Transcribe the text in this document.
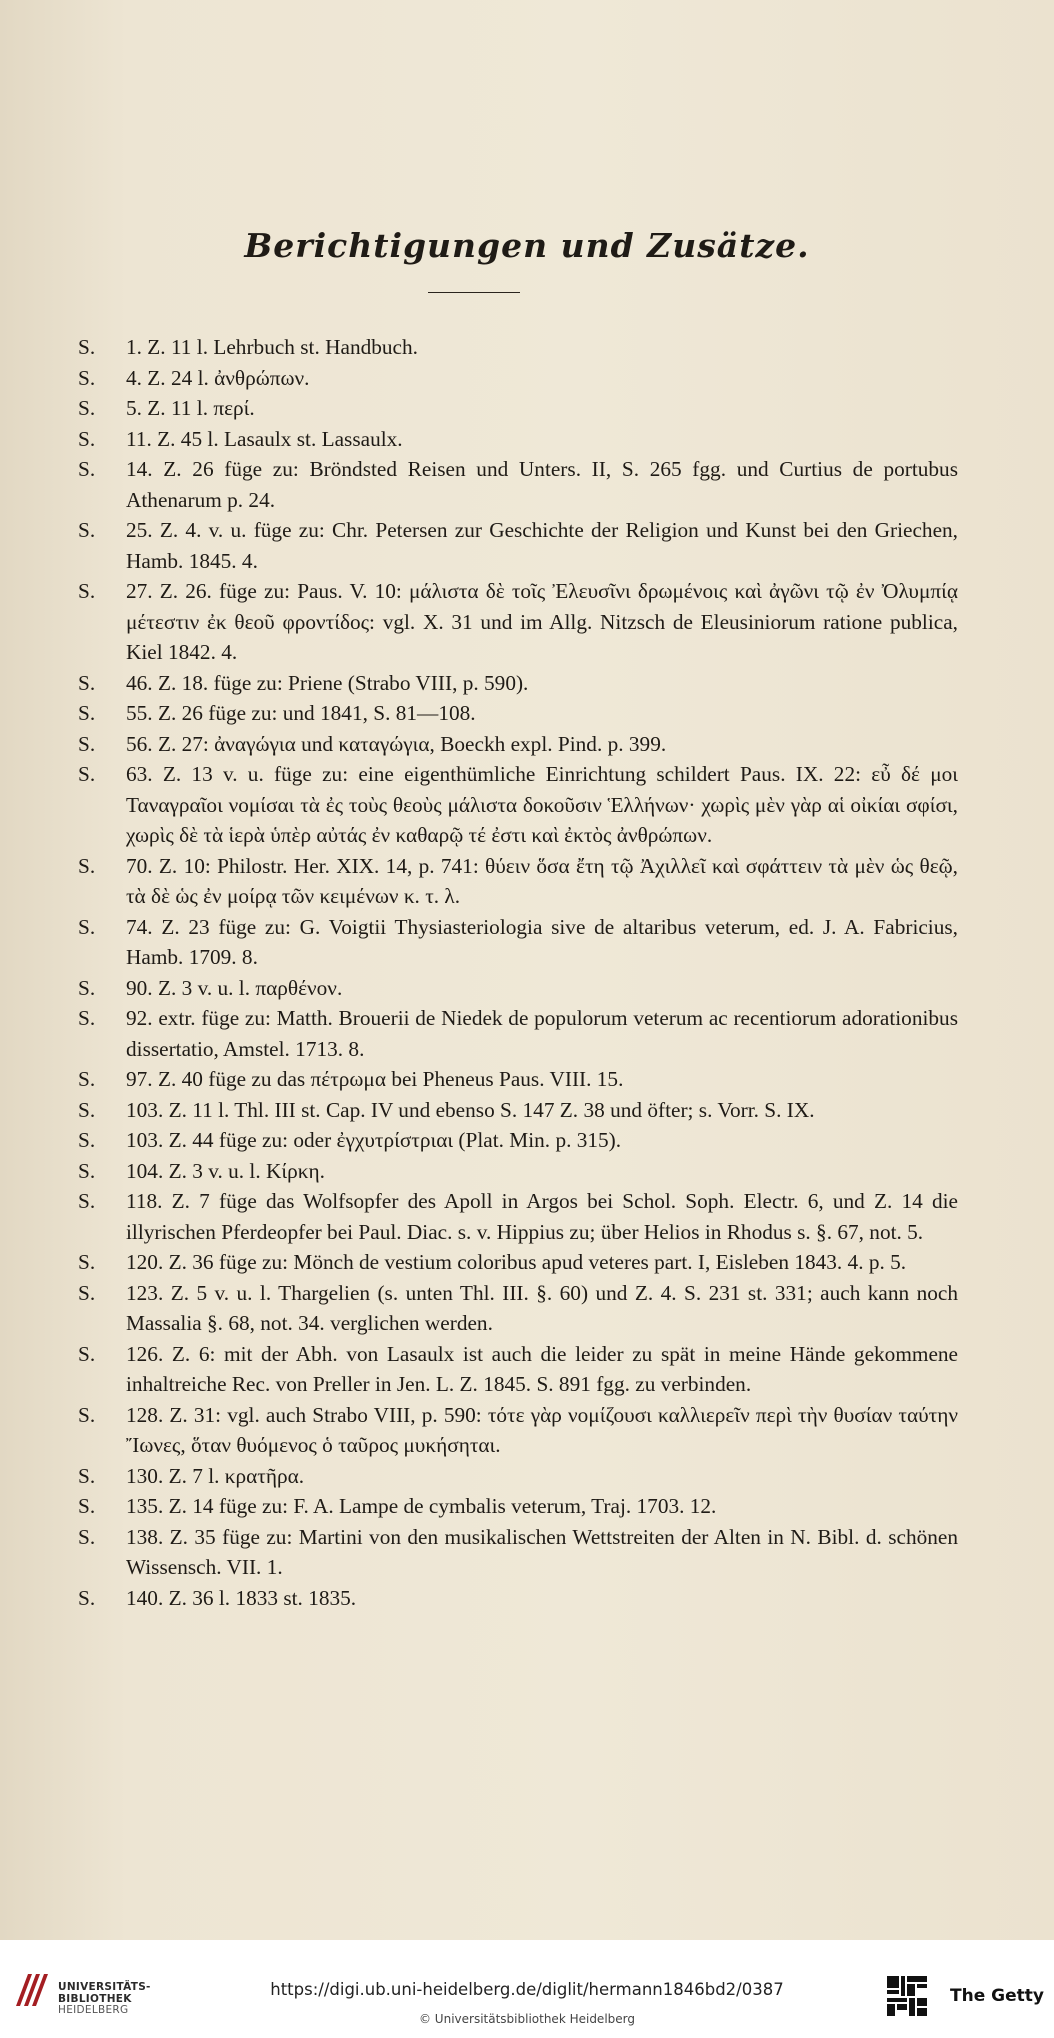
Berichtigungen und Zusätze.
S. 1. Z. 11 l. Lehrbuch st. Handbuch.
S. 4. Z. 24 l. ἀνθρώπων.
S. 5. Z. 11 l. περί.
S. 11. Z. 45 l. Lasaulx st. Lassaulx.
S. 14. Z. 26 füge zu: Bröndsted Reisen und Unters. II, S. 265 fgg. und Curtius de portubus Athenarum p. 24.
S. 25. Z. 4. v. u. füge zu: Chr. Petersen zur Geschichte der Religion und Kunst bei den Griechen, Hamb. 1845. 4.
S. 27. Z. 26. füge zu: Paus. V. 10: μάλιστα δὲ τοῖς Ἐλευσῖνι δρωμένοις καὶ ἀγῶνι τῷ ἐν Ὀλυμπίᾳ μέτεστιν ἐκ θεοῦ φροντίδος: vgl. X. 31 und im Allg. Nitzsch de Eleusiniorum ratione publica, Kiel 1842. 4.
S. 46. Z. 18. füge zu: Priene (Strabo VIII, p. 590).
S. 55. Z. 26 füge zu: und 1841, S. 81—108.
S. 56. Z. 27: ἀναγώγια und καταγώγια, Boeckh expl. Pind. p. 399.
S. 63. Z. 13 v. u. füge zu: eine eigenthümliche Einrichtung schildert Paus. IX. 22: εὖ δέ μοι Ταναγραῖοι νομίσαι τὰ ἐς τοὺς θεοὺς μάλιστα δοκοῦσιν Ἑλλήνων· χωρὶς μὲν γὰρ αἱ οἰκίαι σφίσι, χωρὶς δὲ τὰ ἱερὰ ὑπὲρ αὐτάς ἐν καθαρῷ τέ ἐστι καὶ ἐκτὸς ἀνθρώπων.
S. 70. Z. 10: Philostr. Her. XIX. 14, p. 741: θύειν ὅσα ἔτη τῷ Ἀχιλλεῖ καὶ σφάττειν τὰ μὲν ὡς θεῷ, τὰ δὲ ὡς ἐν μοίρᾳ τῶν κειμένων κ. τ. λ.
S. 74. Z. 23 füge zu: G. Voigtii Thysiasteriologia sive de altaribus veterum, ed. J. A. Fabricius, Hamb. 1709. 8.
S. 90. Z. 3 v. u. l. παρθένον.
S. 92. extr. füge zu: Matth. Brouerii de Niedek de populorum veterum ac recentiorum adorationibus dissertatio, Amstel. 1713. 8.
S. 97. Z. 40 füge zu das πέτρωμα bei Pheneus Paus. VIII. 15.
S. 103. Z. 11 l. Thl. III st. Cap. IV und ebenso S. 147 Z. 38 und öfter; s. Vorr. S. IX.
S. 103. Z. 44 füge zu: oder ἐγχυτρίστριαι (Plat. Min. p. 315).
S. 104. Z. 3 v. u. l. Κίρκη.
S. 118. Z. 7 füge das Wolfsopfer des Apoll in Argos bei Schol. Soph. Electr. 6, und Z. 14 die illyrischen Pferdeopfer bei Paul. Diac. s. v. Hippius zu; über Helios in Rhodus s. §. 67, not. 5.
S. 120. Z. 36 füge zu: Mönch de vestium coloribus apud veteres part. I, Eisleben 1843. 4. p. 5.
S. 123. Z. 5 v. u. l. Thargelien (s. unten Thl. III. §. 60) und Z. 4. S. 231 st. 331; auch kann noch Massalia §. 68, not. 34. verglichen werden.
S. 126. Z. 6: mit der Abh. von Lasaulx ist auch die leider zu spät in meine Hände gekommene inhaltreiche Rec. von Preller in Jen. L. Z. 1845. S. 891 fgg. zu verbinden.
S. 128. Z. 31: vgl. auch Strabo VIII, p. 590: τότε γὰρ νομίζουσι καλλιερεῖν περὶ τὴν θυσίαν ταύτην Ἴωνες, ὅταν θυόμενος ὁ ταῦρος μυκήσηται.
S. 130. Z. 7 l. κρατῆρα.
S. 135. Z. 14 füge zu: F. A. Lampe de cymbalis veterum, Traj. 1703. 12.
S. 138. Z. 35 füge zu: Martini von den musikalischen Wettstreiten der Alten in N. Bibl. d. schönen Wissensch. VII. 1.
S. 140. Z. 36 l. 1833 st. 1835.
UNIVERSITÄTS-
BIBLIOTHEK
HEIDELBERG
https://digi.ub.uni-heidelberg.de/diglit/hermann1846bd2/0387
© Universitätsbibliothek Heidelberg
The Getty
